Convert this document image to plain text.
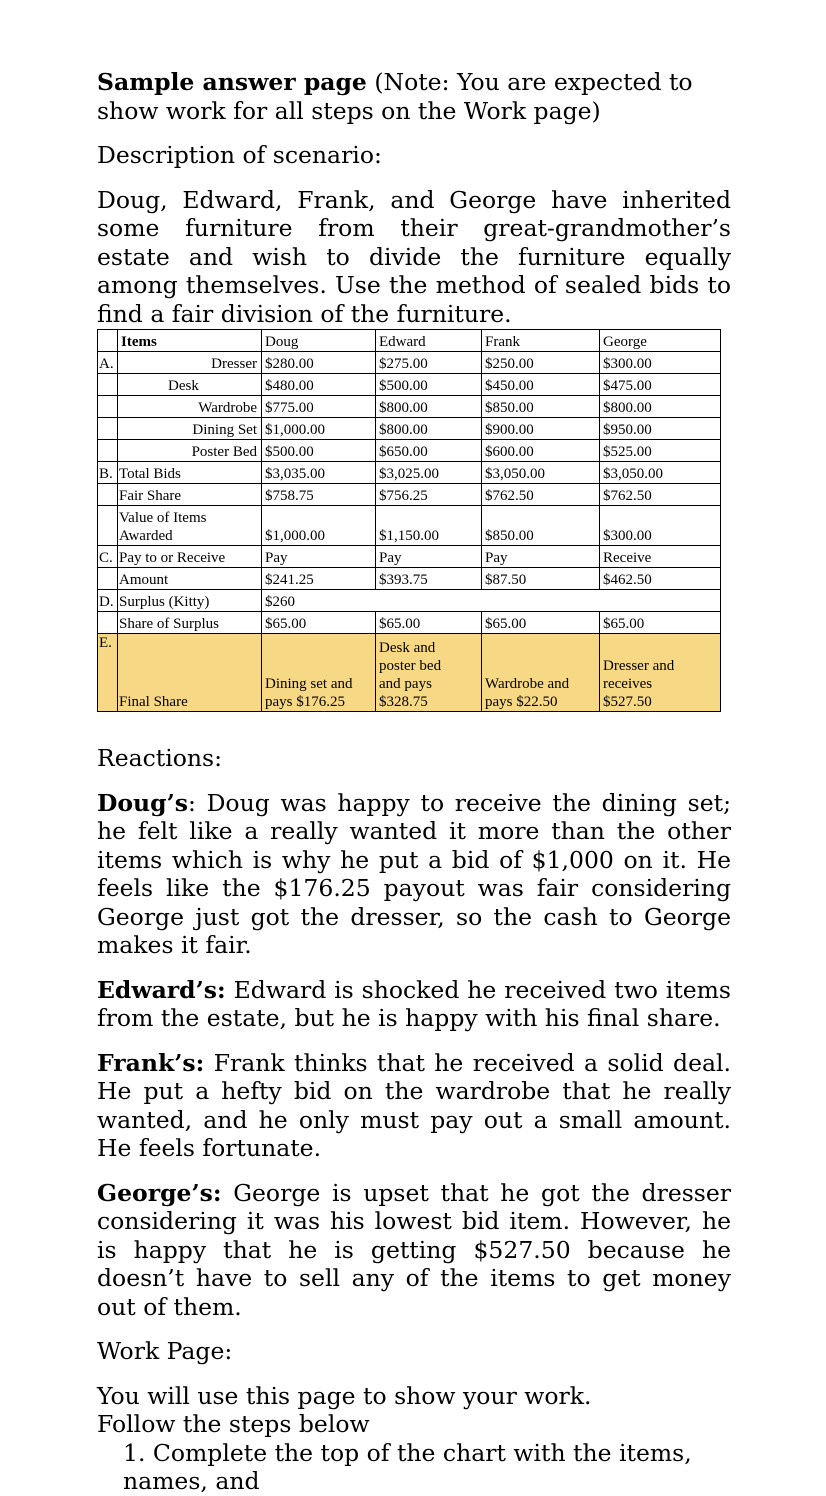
Sample answer page (Note: You are expected to show work for all steps on the Work page)

Description of scenario:

Doug, Edward, Frank, and George have inherited some furniture from their great-grandmother’s estate and wish to divide the furniture equally among themselves. Use the method of sealed bids to find a fair division of the furniture.

	Items	Doug	Edward	Frank	George
A.	Dresser	$280.00	$275.00	$250.00	$300.00
	Desk	$480.00	$500.00	$450.00	$475.00
	Wardrobe	$775.00	$800.00	$850.00	$800.00
	Dining Set	$1,000.00	$800.00	$900.00	$950.00
	Poster Bed	$500.00	$650.00	$600.00	$525.00
B.	Total Bids	$3,035.00	$3,025.00	$3,050.00	$3,050.00
	Fair Share	$758.75	$756.25	$762.50	$762.50
	Value of Items Awarded	$1,000.00	$1,150.00	$850.00	$300.00
C.	Pay to or Receive	Pay	Pay	Pay	Receive
	Amount	$241.25	$393.75	$87.50	$462.50
D.	Surplus (Kitty)	$260			
	Share of Surplus	$65.00	$65.00	$65.00	$65.00
E.	Final Share	Dining set and pays $176.25	Desk and poster bed and pays $328.75	Wardrobe and pays $22.50	Dresser and receives $527.50

Reactions:

Doug’s: Doug was happy to receive the dining set; he felt like a really wanted it more than the other items which is why he put a bid of $1,000 on it. He feels like the $176.25 payout was fair considering George just got the dresser, so the cash to George makes it fair.

Edward’s: Edward is shocked he received two items from the estate, but he is happy with his final share.

Frank’s: Frank thinks that he received a solid deal. He put a hefty bid on the wardrobe that he really wanted, and he only must pay out a small amount. He feels fortunate.

George’s: George is upset that he got the dresser considering it was his lowest bid item. However, he is happy that he is getting $527.50 because he doesn’t have to sell any of the items to get money out of them.

Work Page:

You will use this page to show your work.

Follow the steps below

1. Complete the top of the chart with the items, names, and
